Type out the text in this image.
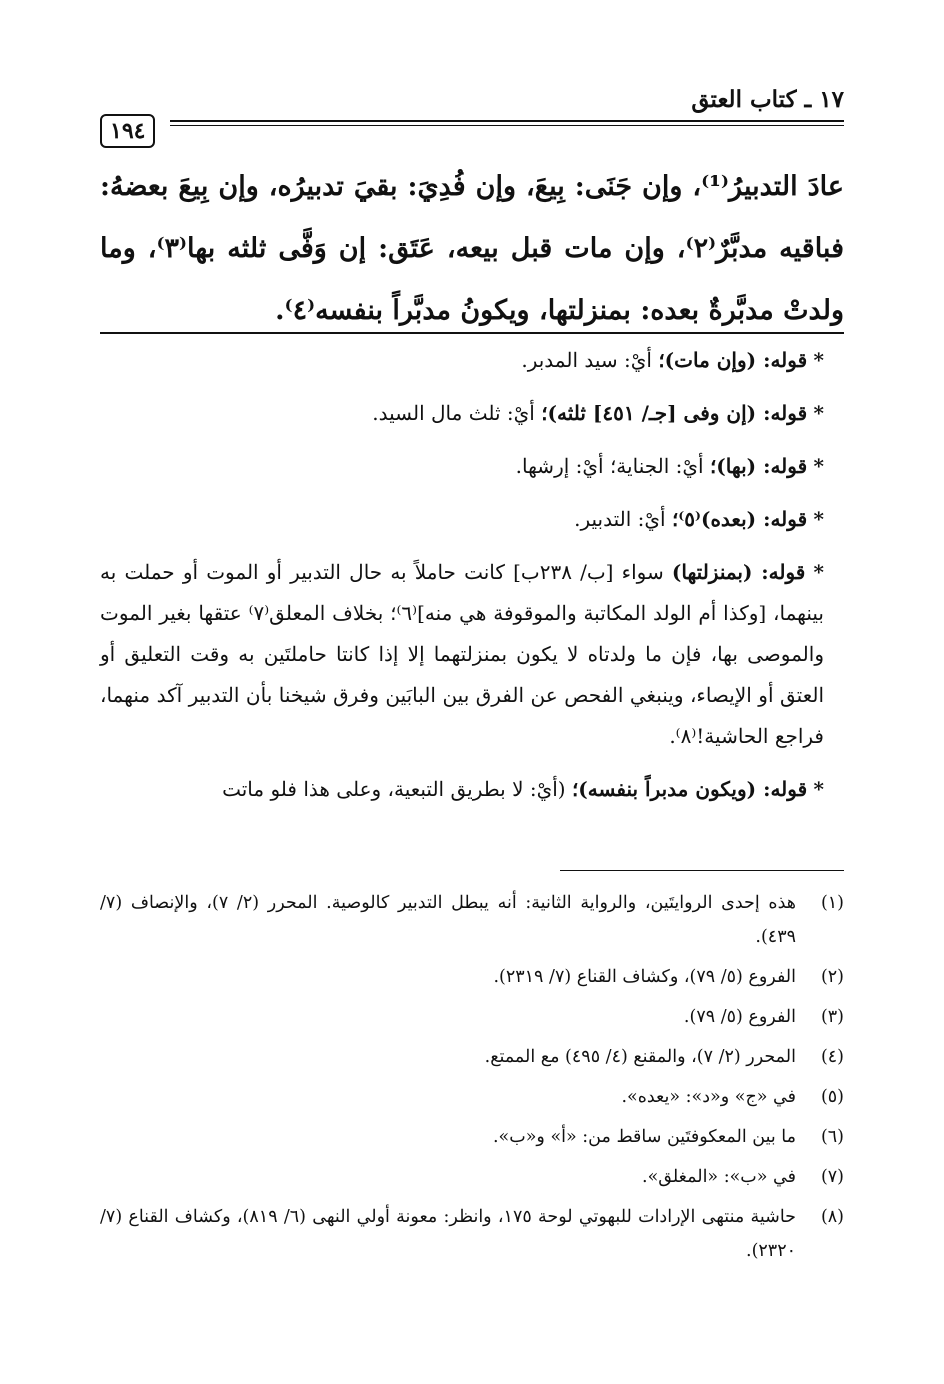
١٧ ـ كتاب العتق
١٩٤

عادَ التدبيرُ⁽¹⁾، وإن جَنَى: بِيعَ، وإن فُدِيَ: بقيَ تدبيرُه، وإن بِيعَ بعضهُ: فباقيه مدبَّرٌ⁽٢⁾، وإن مات قبل بيعه، عَتَق: إن وَفَّى ثلثه بها⁽٣⁾، وما ولدتْ مدبَّرةٌ بعده: بمنزلتها، ويكونُ مدبَّراً بنفسه⁽٤⁾.

* قوله: (وإن مات)؛ أيْ: سيد المدبر.

* قوله: (إن وفى [جـ/ ٤٥١] ثلثه)؛ أيْ: ثلث مال السيد.

* قوله: (بها)؛ أيْ: الجناية؛ أيْ: إرشها.

* قوله: (بعده)⁽٥⁾؛ أيْ: التدبير.

* قوله: (بمنزلتها) سواء [ب/ ٢٣٨ب] كانت حاملاً به حال التدبير أو الموت أو حملت به بينهما، [وكذا أم الولد المكاتبة والموقوفة هي منه]⁽٦⁾؛ بخلاف المعلق⁽٧⁾ عتقها بغير الموت والموصى بها، فإن ما ولدتاه لا يكون بمنزلتهما إلا إذا كانتا حاملتَين به وقت التعليق أو العتق أو الإيصاء، وينبغي الفحص عن الفرق بين البابَين وفرق شيخنا بأن التدبير آكد منهما، فراجع الحاشية!⁽٨⁾.

* قوله: (ويكون مدبراً بنفسه)؛ (أيْ: لا بطريق التبعية، وعلى هذا فلو ماتت

(١)
هذه إحدى الروايتَين، والرواية الثانية: أنه يبطل التدبير كالوصية. المحرر (٢/ ٧)، والإنصاف (٧/ ٤٣٩).
(٢)
الفروع (٥/ ٧٩)، وكشاف القناع (٧/ ٢٣١٩).
(٣)
الفروع (٥/ ٧٩).
(٤)
المحرر (٢/ ٧)، والمقنع (٤/ ٤٩٥) مع الممتع.
(٥)
في «ج» و«د»: «يعده».
(٦)
ما بين المعكوفتَين ساقط من: «أ» و«ب».
(٧)
في «ب»: «المغلق».
(٨)
حاشية منتهى الإرادات للبهوتي لوحة ١٧٥، وانظر: معونة أولي النهى (٦/ ٨١٩)، وكشاف القناع (٧/ ٢٣٢٠).
